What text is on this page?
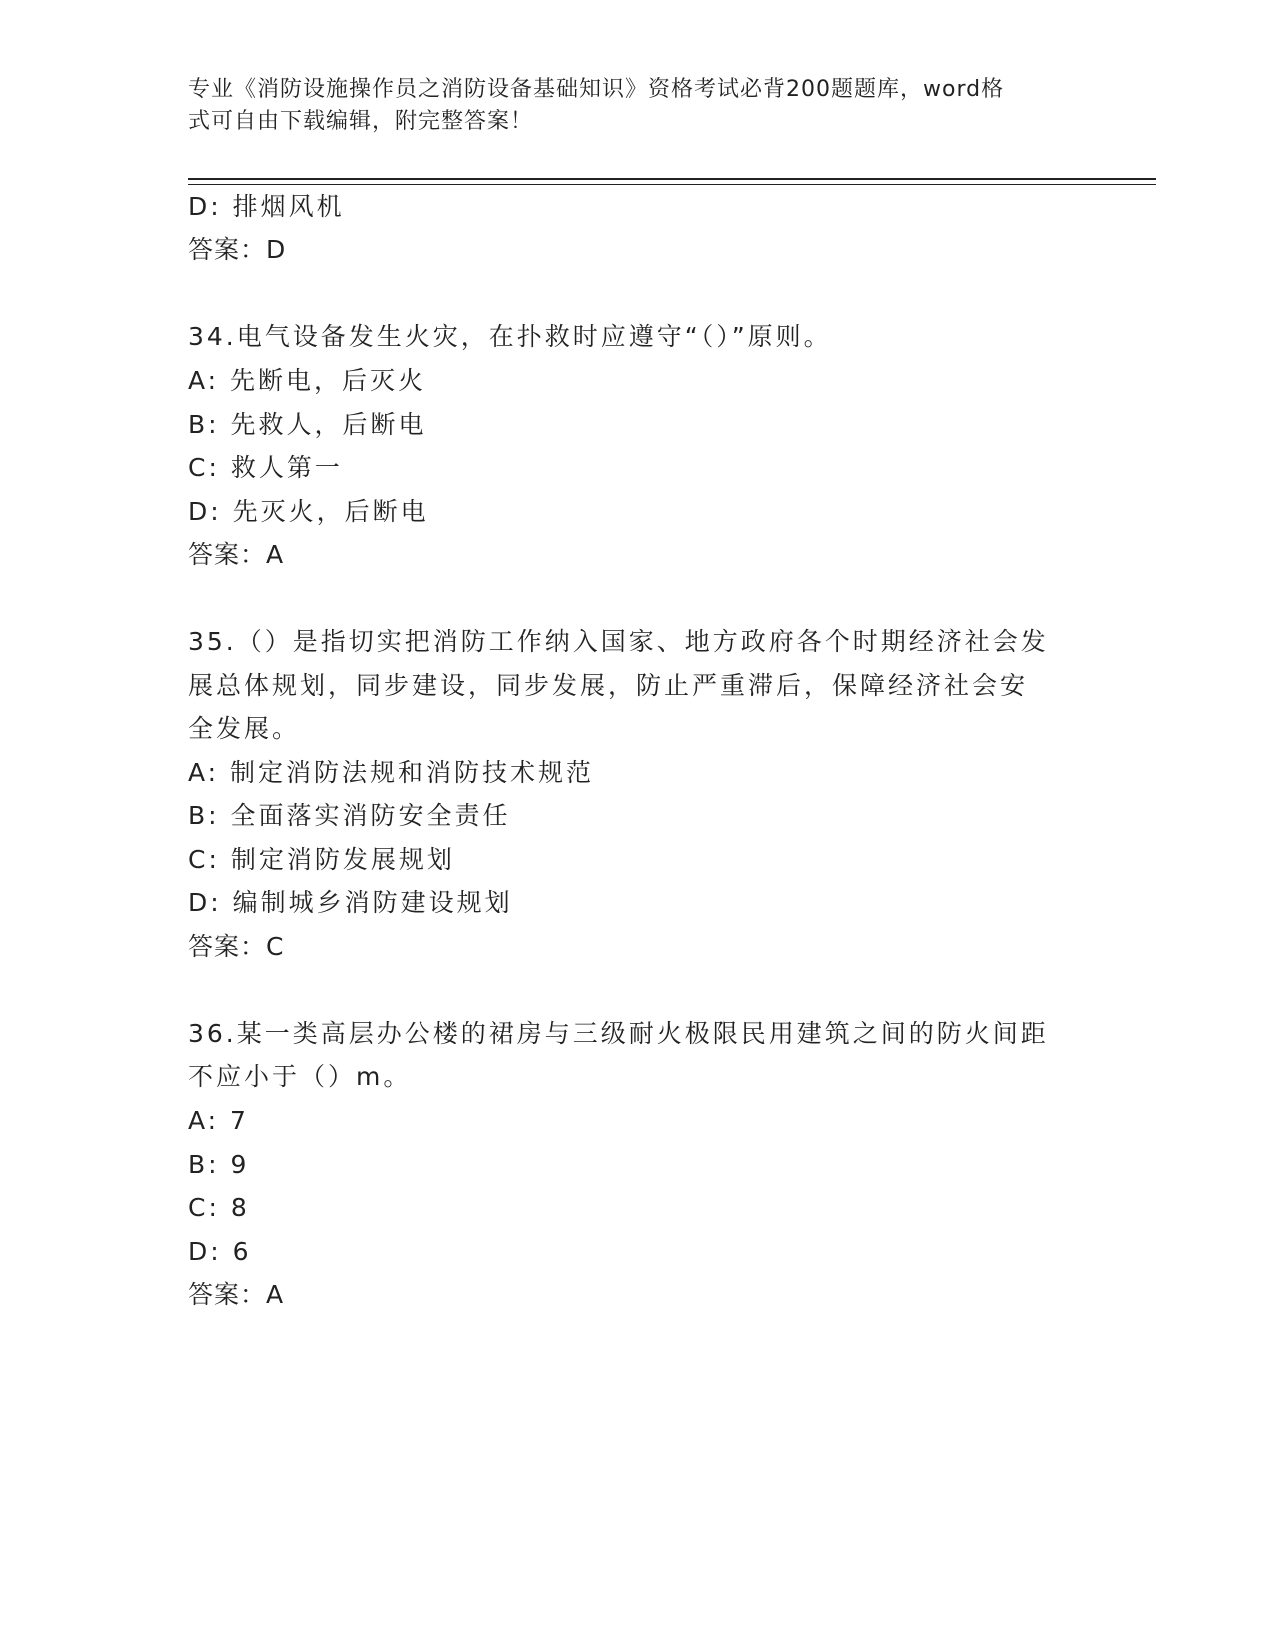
专业《消防设施操作员之消防设备基础知识》资格考试必背200题题库，word格
式可自由下载编辑，附完整答案！
D: 排烟风机
答案：D
34.电气设备发生火灾，在扑救时应遵守“（）”原则。
A: 先断电，后灭火
B: 先救人，后断电
C: 救人第一
D: 先灭火，后断电
答案：A
35.（）是指切实把消防工作纳入国家、地方政府各个时期经济社会发
展总体规划，同步建设，同步发展，防止严重滞后，保障经济社会安
全发展。
A: 制定消防法规和消防技术规范
B: 全面落实消防安全责任
C: 制定消防发展规划
D: 编制城乡消防建设规划
答案：C
36.某一类高层办公楼的裙房与三级耐火极限民用建筑之间的防火间距
不应小于（）m。
A: 7
B: 9
C: 8
D: 6
答案：A
